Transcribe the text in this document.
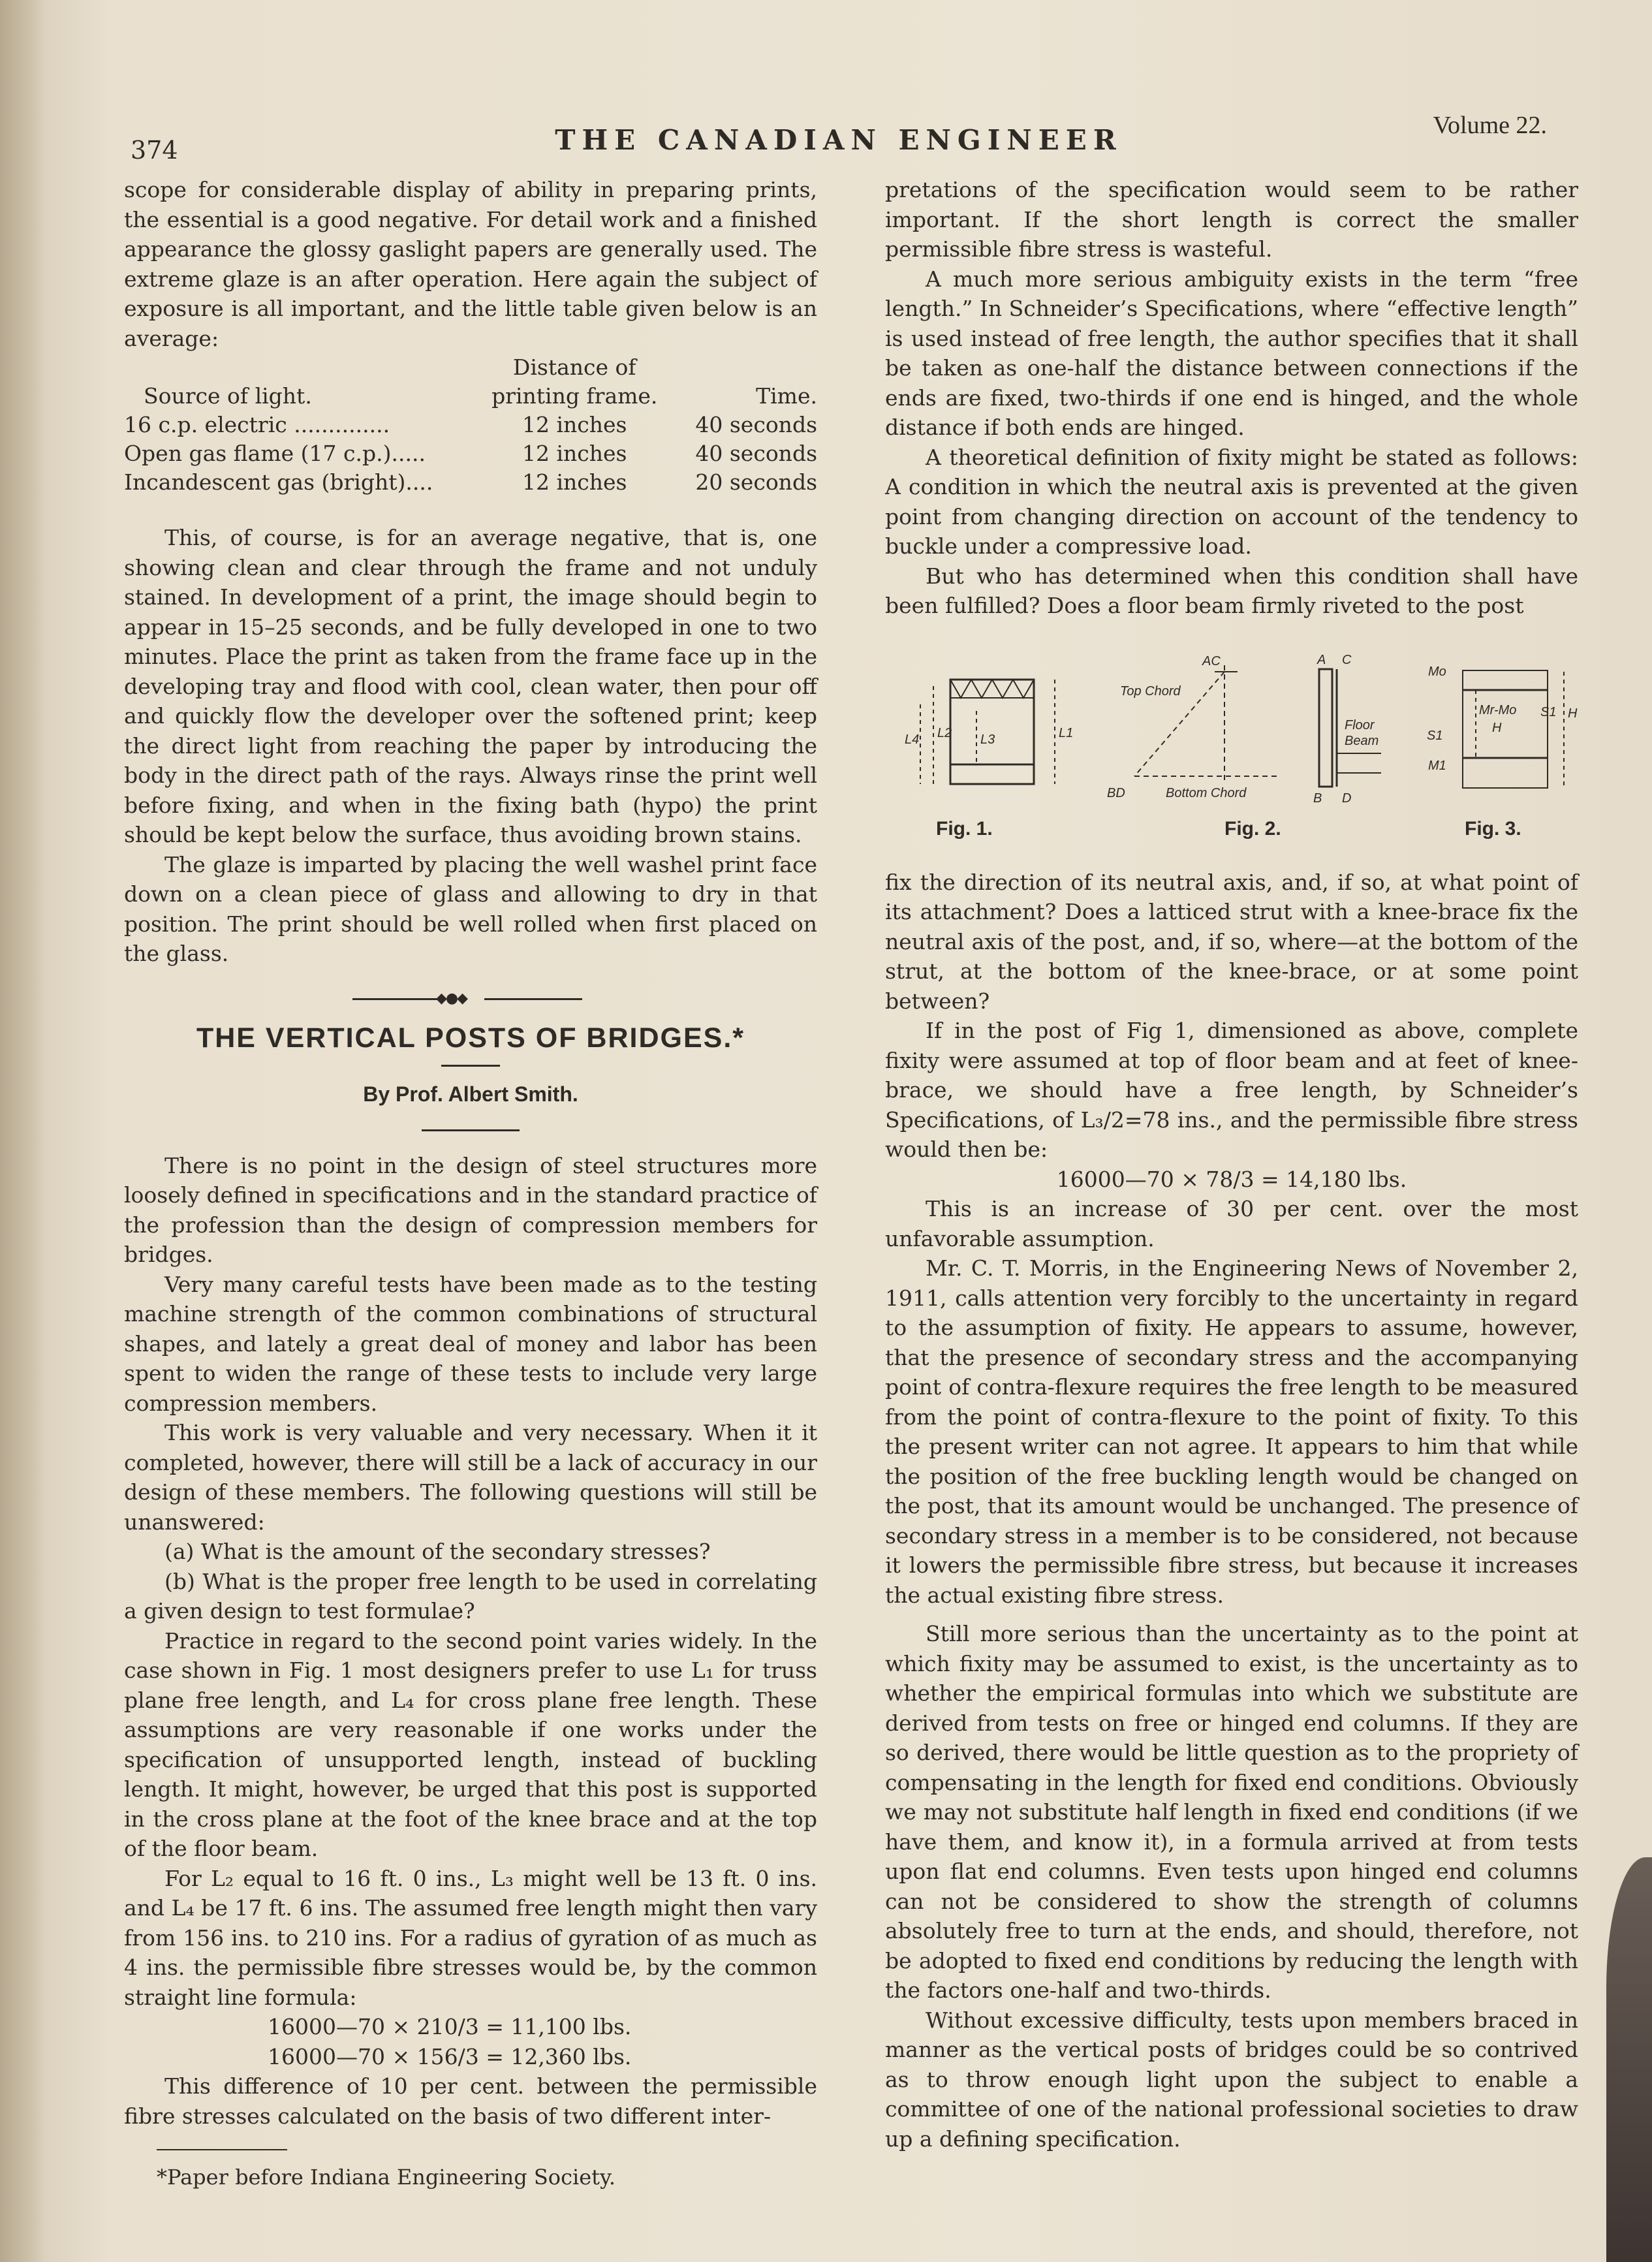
374	THE CANADIAN ENGINEER	Volume 22.

scope for considerable display of ability in preparing prints, the essential is a good negative. For detail work and a finished appearance the glossy gaslight papers are generally used. The extreme glaze is an after operation. Here again the subject of exposure is all important, and the little table given below is an average:

	Distance of	
Source of light.	printing frame.	Time.
16 c.p. electric ..............	12 inches	40 seconds
Open gas flame (17 c.p.).....	12 inches	40 seconds
Incandescent gas (bright)....	12 inches	20 seconds

This, of course, is for an average negative, that is, one showing clean and clear through the frame and not unduly stained. In development of a print, the image should begin to appear in 15–25 seconds, and be fully developed in one to two minutes. Place the print as taken from the frame face up in the developing tray and flood with cool, clean water, then pour off and quickly flow the developer over the softened print; keep the direct light from reaching the paper by introducing the body in the direct path of the rays. Always rinse the print well before fixing, and when in the fixing bath (hypo) the print should be kept below the surface, thus avoiding brown stains.

The glaze is imparted by placing the well washel print face down on a clean piece of glass and allowing to dry in that position. The print should be well rolled when first placed on the glass.

◆●◆
THE VERTICAL POSTS OF BRIDGES.*
By Prof. Albert Smith.

There is no point in the design of steel structures more loosely defined in specifications and in the standard practice of the profession than the design of compression members for bridges.

Very many careful tests have been made as to the testing machine strength of the common combinations of structural shapes, and lately a great deal of money and labor has been spent to widen the range of these tests to include very large compression members.

This work is very valuable and very necessary. When it it completed, however, there will still be a lack of accuracy in our design of these members. The following questions will still be unanswered:

(a) What is the amount of the secondary stresses?

(b) What is the proper free length to be used in correlating a given design to test formulae?

Practice in regard to the second point varies widely. In the case shown in Fig. 1 most designers prefer to use L₁ for truss plane free length, and L₄ for cross plane free length. These assumptions are very reasonable if one works under the specification of unsupported length, instead of buckling length. It might, however, be urged that this post is supported in the cross plane at the foot of the knee brace and at the top of the floor beam.

For L₂ equal to 16 ft. 0 ins., L₃ might well be 13 ft. 0 ins. and L₄ be 17 ft. 6 ins. The assumed free length might then vary from 156 ins. to 210 ins. For a radius of gyration of as much as 4 ins. the permissible fibre stresses would be, by the common straight line formula:

16000—70 × 210/3 = 11,100 lbs.

16000—70 × 156/3 = 12,360 lbs.

This difference of 10 per cent. between the permissible fibre stresses calculated on the basis of two different inter-

*Paper before Indiana Engineering Society.

pretations of the specification would seem to be rather important. If the short length is correct the smaller permissible fibre stress is wasteful.

A much more serious ambiguity exists in the term “free length.” In Schneider’s Specifications, where “effective length” is used instead of free length, the author specifies that it shall be taken as one-half the distance between connections if the ends are fixed, two-thirds if one end is hinged, and the whole distance if both ends are hinged.

A theoretical definition of fixity might be stated as follows: A condition in which the neutral axis is prevented at the given point from changing direction on account of the tendency to buckle under a compressive load.

But who has determined when this condition shall have been fulfilled? Does a floor beam firmly riveted to the post

L4 L2 L3	L1
AC
Top Chord
BD	Bottom Chord
A C
Floor
Beam
B D
Mo
Mr-Mo
H
S1
S1
M1
H
Fig. 1.	Fig. 2.	Fig. 3.

fix the direction of its neutral axis, and, if so, at what point of its attachment? Does a latticed strut with a knee-brace fix the neutral axis of the post, and, if so, where—at the bottom of the strut, at the bottom of the knee-brace, or at some point between?

If in the post of Fig 1, dimensioned as above, complete fixity were assumed at top of floor beam and at feet of knee-brace, we should have a free length, by Schneider’s Specifications, of L₃/2=78 ins., and the permissible fibre stress would then be:

16000—70 × 78/3 = 14,180 lbs.

This is an increase of 30 per cent. over the most unfavorable assumption.

Mr. C. T. Morris, in the Engineering News of November 2, 1911, calls attention very forcibly to the uncertainty in regard to the assumption of fixity. He appears to assume, however, that the presence of secondary stress and the accompanying point of contra-flexure requires the free length to be measured from the point of contra-flexure to the point of fixity. To this the present writer can not agree. It appears to him that while the position of the free buckling length would be changed on the post, that its amount would be unchanged. The presence of secondary stress in a member is to be considered, not because it lowers the permissible fibre stress, but because it increases the actual existing fibre stress.

Still more serious than the uncertainty as to the point at which fixity may be assumed to exist, is the uncertainty as to whether the empirical formulas into which we substitute are derived from tests on free or hinged end columns. If they are so derived, there would be little question as to the propriety of compensating in the length for fixed end conditions. Obviously we may not substitute half length in fixed end conditions (if we have them, and know it), in a formula arrived at from tests upon flat end columns. Even tests upon hinged end columns can not be considered to show the strength of columns absolutely free to turn at the ends, and should, therefore, not be adopted to fixed end conditions by reducing the length with the factors one-half and two-thirds.

Without excessive difficulty, tests upon members braced in manner as the vertical posts of bridges could be so contrived as to throw enough light upon the subject to enable a committee of one of the national professional societies to draw up a defining specification.
